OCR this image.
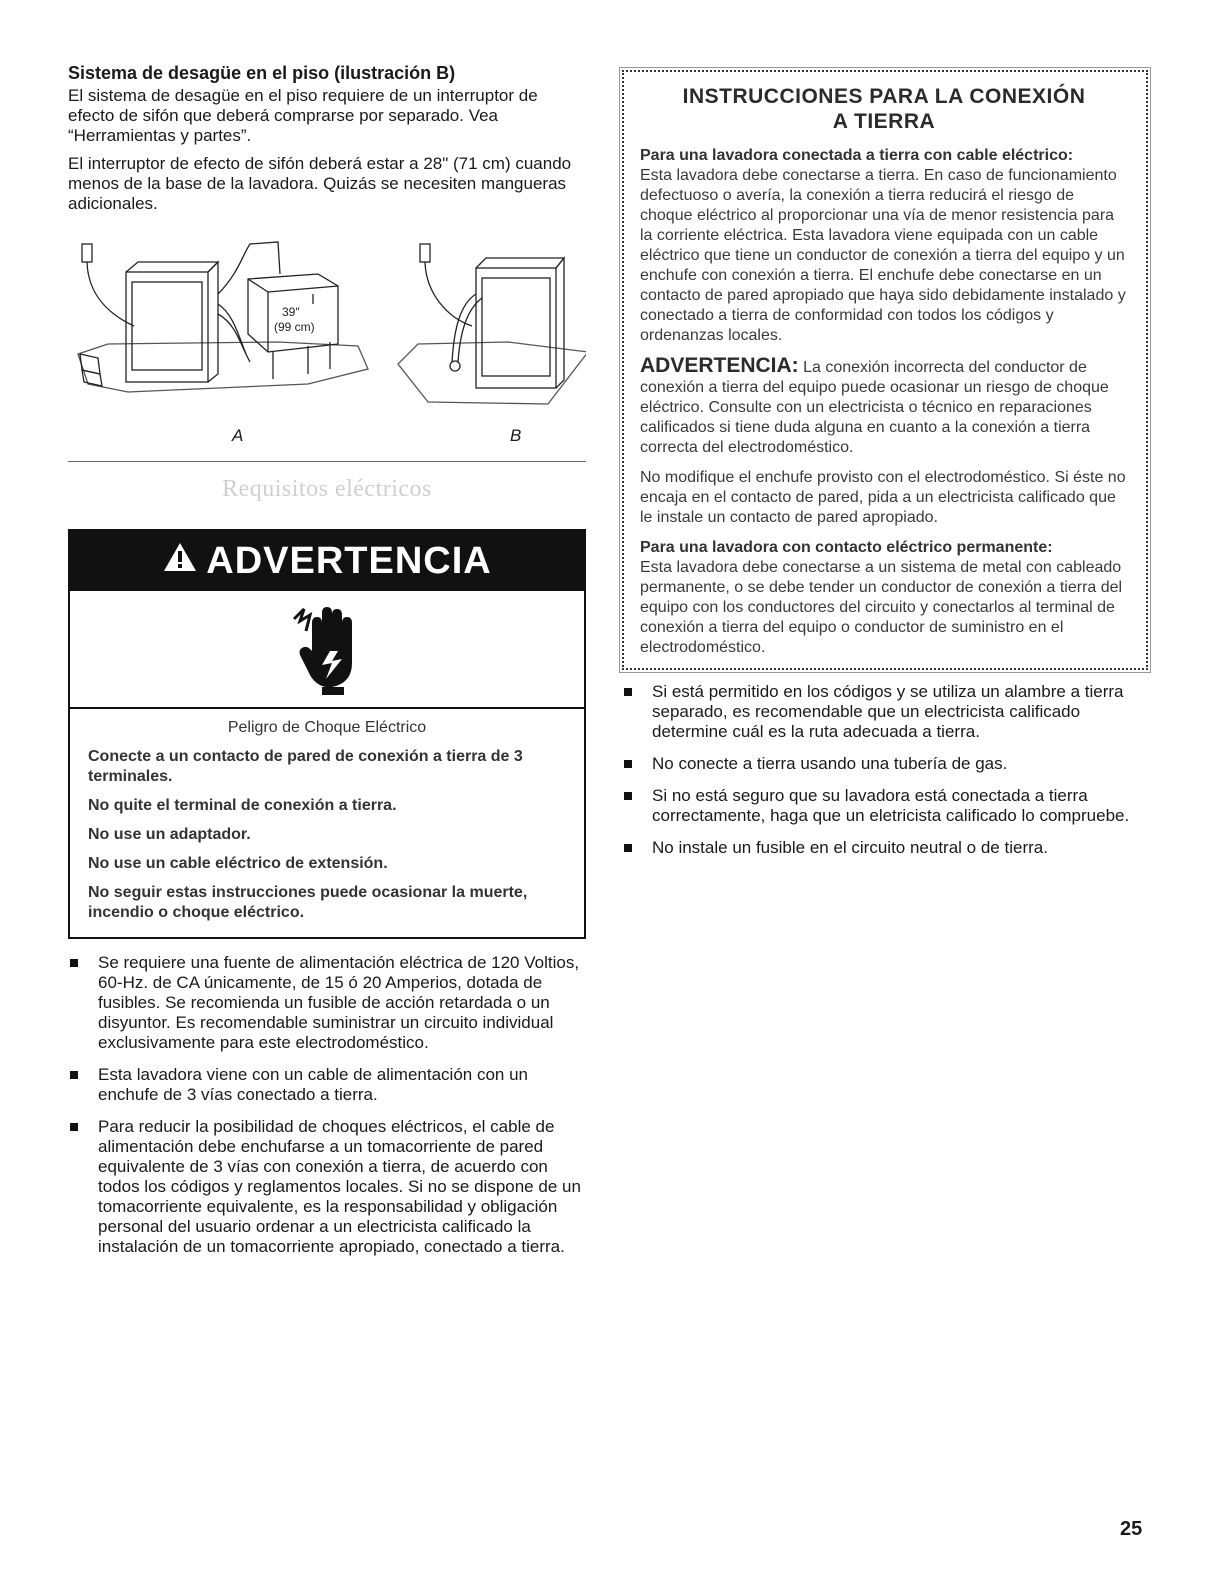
Sistema de desagüe en el piso (ilustración B)

El sistema de desagüe en el piso requiere de un interruptor de efecto de sifón que deberá comprarse por separado. Vea “Herramientas y partes”.

El interruptor de efecto de sifón deberá estar a 28" (71 cm) cuando menos de la base de la lavadora. Quizás se necesiten mangueras adicionales.

39"
(99 cm)
A	B
Requisitos eléctricos
ADVERTENCIA

Peligro de Choque Eléctrico

Conecte a un contacto de pared de conexión a tierra de 3 terminales.

No quite el terminal de conexión a tierra.

No use un adaptador.

No use un cable eléctrico de extensión.

No seguir estas instrucciones puede ocasionar la muerte, incendio o choque eléctrico.

Se requiere una fuente de alimentación eléctrica de 120 Voltios, 60-Hz. de CA únicamente, de 15 ó 20 Amperios, dotada de fusibles. Se recomienda un fusible de acción retardada o un disyuntor. Es recomendable suministrar un circuito individual exclusivamente para este electrodoméstico.
Esta lavadora viene con un cable de alimentación con un enchufe de 3 vías conectado a tierra.
Para reducir la posibilidad de choques eléctricos, el cable de alimentación debe enchufarse a un tomacorriente de pared equivalente de 3 vías con conexión a tierra, de acuerdo con todos los códigos y reglamentos locales. Si no se dispone de un tomacorriente equivalente, es la responsabilidad y obligación personal del usuario ordenar a un electricista calificado la instalación de un tomacorriente apropiado, conectado a tierra.
INSTRUCCIONES PARA LA CONEXIÓN
A TIERRA

Para una lavadora conectada a tierra con cable eléctrico:

Esta lavadora debe conectarse a tierra. En caso de funcionamiento defectuoso o avería, la conexión a tierra reducirá el riesgo de choque eléctrico al proporcionar una vía de menor resistencia para la corriente eléctrica. Esta lavadora viene equipada con un cable eléctrico que tiene un conductor de conexión a tierra del equipo y un enchufe con conexión a tierra. El enchufe debe conectarse en un contacto de pared apropiado que haya sido debidamente instalado y conectado a tierra de conformidad con todos los códigos y ordenanzas locales.

ADVERTENCIA: La conexión incorrecta del conductor de conexión a tierra del equipo puede ocasionar un riesgo de choque eléctrico. Consulte con un electricista o técnico en reparaciones calificados si tiene duda alguna en cuanto a la conexión a tierra correcta del electrodoméstico.

No modifique el enchufe provisto con el electrodoméstico. Si éste no encaja en el contacto de pared, pida a un electricista calificado que le instale un contacto de pared apropiado.

Para una lavadora con contacto eléctrico permanente:

Esta lavadora debe conectarse a un sistema de metal con cableado permanente, o se debe tender un conductor de conexión a tierra del equipo con los conductores del circuito y conectarlos al terminal de conexión a tierra del equipo o conductor de suministro en el electrodoméstico.

Si está permitido en los códigos y se utiliza un alambre a tierra separado, es recomendable que un electricista calificado determine cuál es la ruta adecuada a tierra.
No conecte a tierra usando una tubería de gas.
Si no está seguro que su lavadora está conectada a tierra correctamente, haga que un eletricista calificado lo compruebe.
No instale un fusible en el circuito neutral o de tierra.
25
